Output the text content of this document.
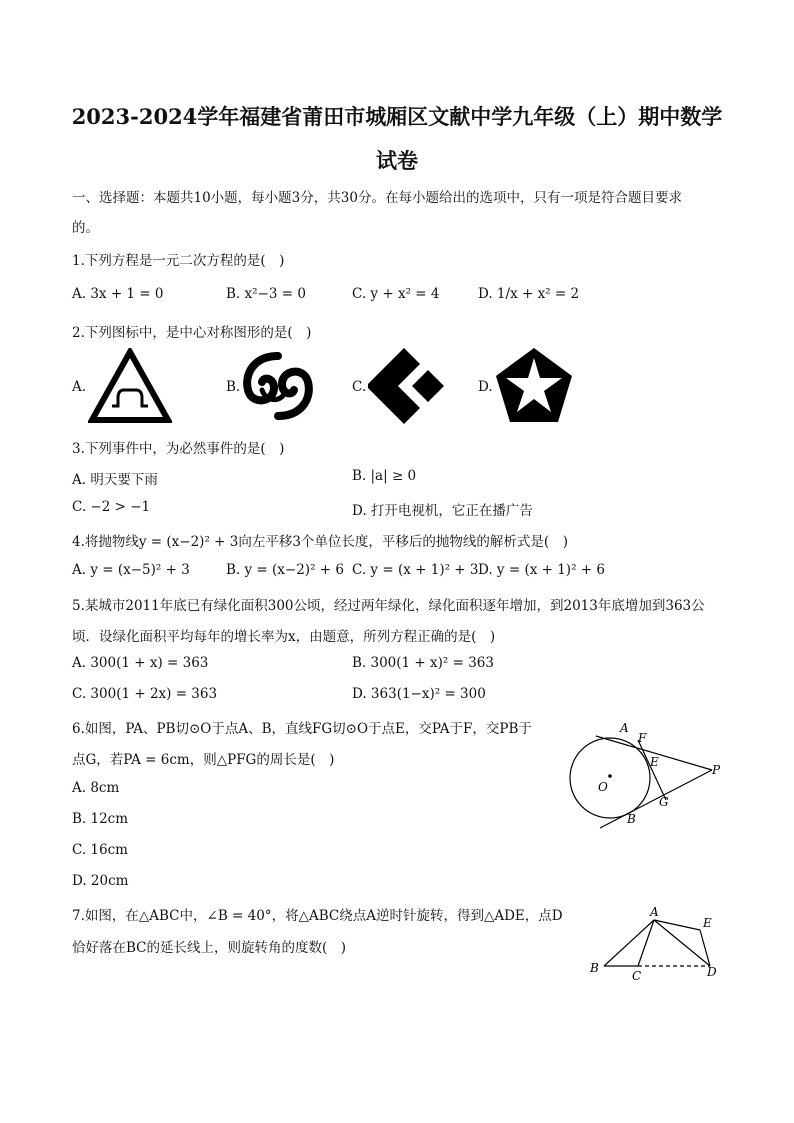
2023-2024学年福建省莆田市城厢区文献中学九年级（上）期中数学
试卷
一、选择题：本题共10小题，每小题3分，共30分。在每小题给出的选项中，只有一项是符合题目要求
的。
1.下列方程是一元二次方程的是(　)
A. 3x + 1 = 0	B. x²−3 = 0	C. y + x² = 4	D. 1/x + x² = 2
2.下列图标中，是中心对称图形的是(　)
A.	B.	C.	D.
3.下列事件中，为必然事件的是(　)
A. 明天要下雨	B. |a| ≥ 0
C. −2 > −1	D. 打开电视机，它正在播广告
4.将抛物线y = (x−2)² + 3向左平移3个单位长度，平移后的抛物线的解析式是(　)
A. y = (x−5)² + 3	B. y = (x−2)² + 6 C. y = (x + 1)² + 3 D. y = (x + 1)² + 6
5.某城市2011年底已有绿化面积300公顷，经过两年绿化，绿化面积逐年增加，到2013年底增加到363公
顷．设绿化面积平均每年的增长率为x，由题意，所列方程正确的是(　)
A. 300(1 + x) = 363	B. 300(1 + x)² = 363
C. 300(1 + 2x) = 363	D. 363(1−x)² = 300
6.如图，PA、PB切⊙O于点A、B，直线FG切⊙O于点E，交PA于F，交PB于
点G，若PA = 6cm，则△PFG的周长是(　)
A. 8cm
B. 12cm
C. 16cm
D. 20cm
A
F
E
P
O
G
B
7.如图，在△ABC中，∠B = 40°，将△ABC绕点A逆时针旋转，得到△ADE，点D
恰好落在BC的延长线上，则旋转角的度数(　)
A
E
B
C	D
